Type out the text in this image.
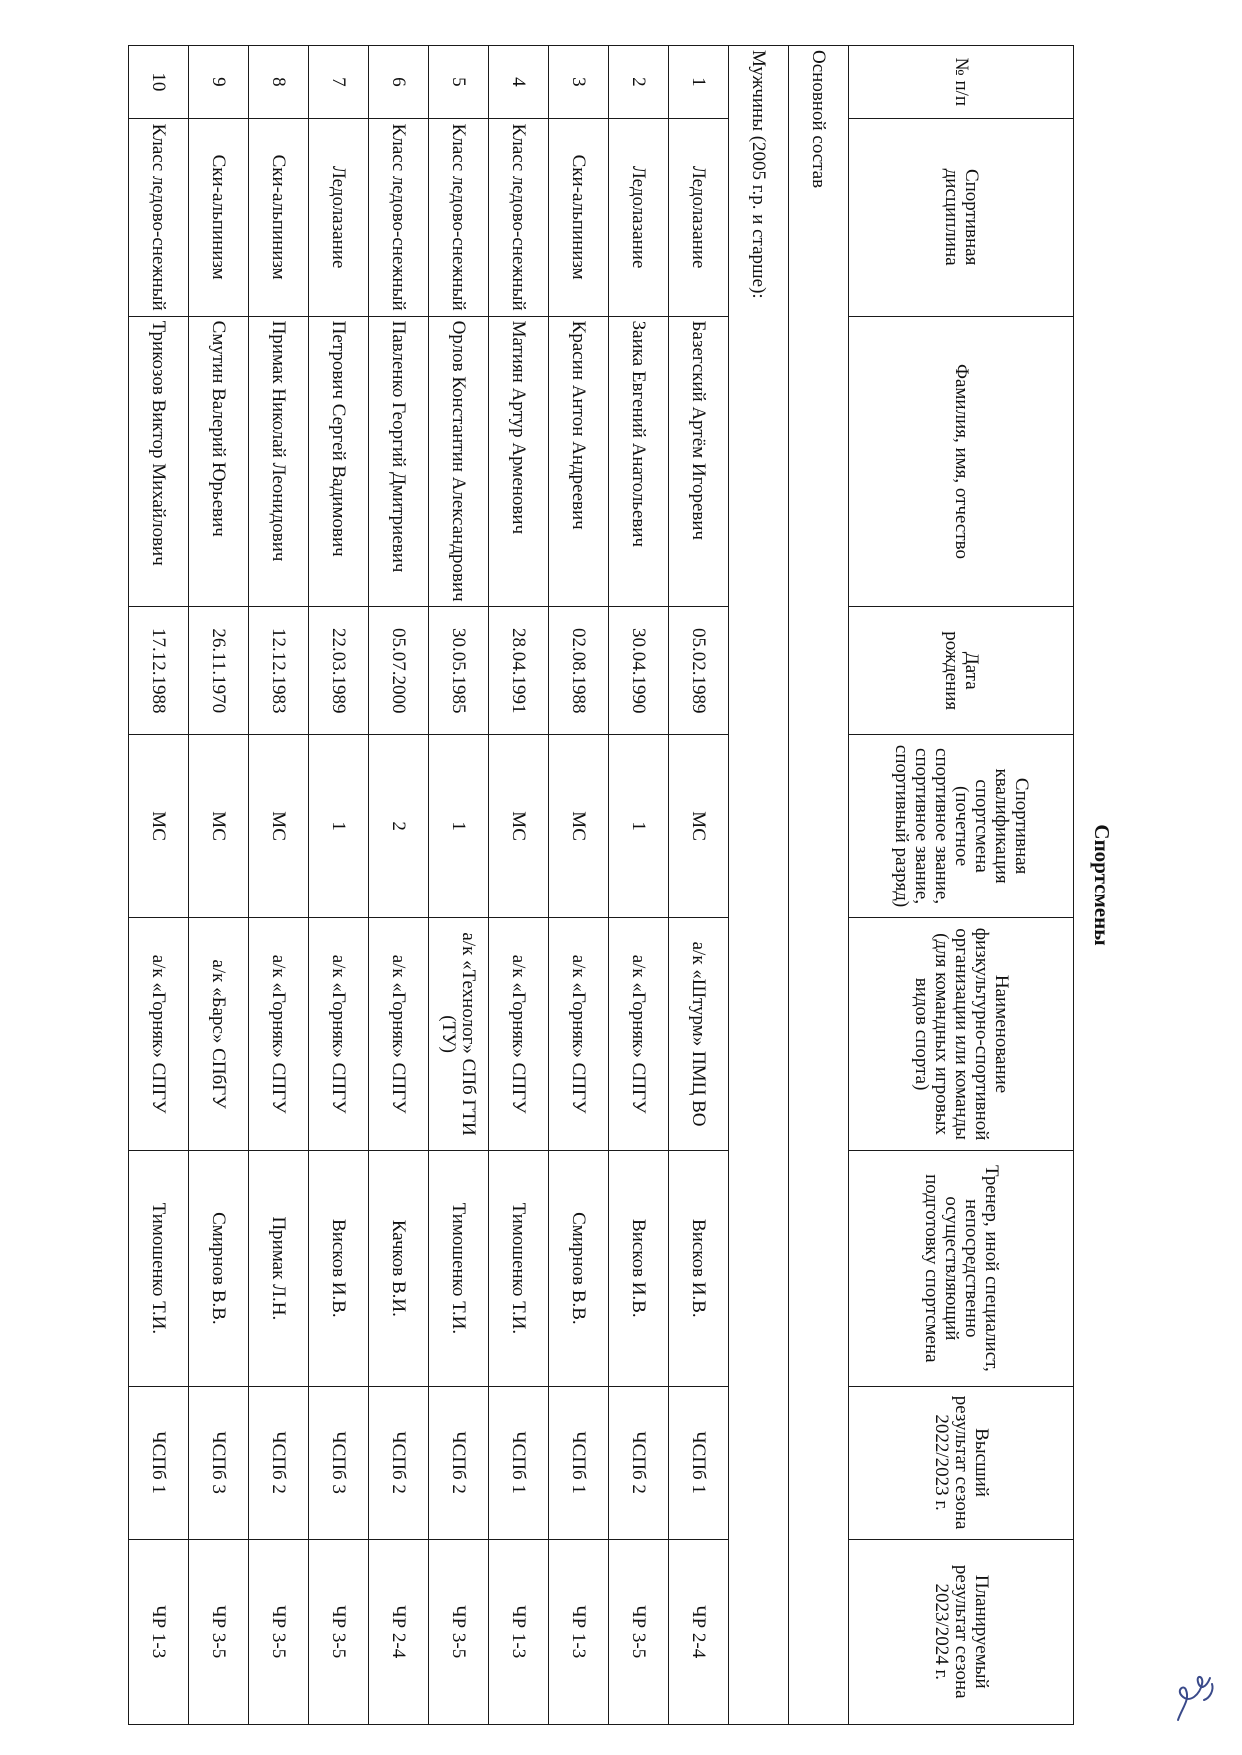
Спортсмены
№ п/п	Спортивная дисциплина	Фамилия, имя, отчество	Дата рождения	Спортивная квалификация спортсмена (почетное спортивное звание, спортивное звание, спортивный разряд)	Наименование физкультурно-спортивной организации или команды (для командных игровых видов спорта)	Тренер, иной специалист, непосредственно осуществляющий подготовку спортсмена	Высший результат сезона 2022/2023 г.	Планируемый результат сезона 2023/2024 г.
Основной состав								
Мужчины (2005 г.р. и старше):								
1	Ледолазание	Базегский Артём Игоревич	05.02.1989	МС	а/к «Штурм» ПМЦ ВО	Висков И.В.	ЧСПб 1	ЧР 2-4
2	Ледолазание	Заика Евгений Анатольевич	30.04.1990	1	а/к «Горняк» СПГУ	Висков И.В.	ЧСПб 2	ЧР 3-5
3	Ски-альпинизм	Красин Антон Андреевич	02.08.1988	МС	а/к «Горняк» СПГУ	Смирнов В.В.	ЧСПб 1	ЧР 1-3
4	Класс ледово-снежный	Матиян Артур Арменович	28.04.1991	МС	а/к «Горняк» СПГУ	Тимошенко Т.И.	ЧСПб 1	ЧР 1-3
5	Класс ледово-снежный	Орлов Константин Александрович	30.05.1985	1	а/к «Технолог» СПб ГТИ (ТУ)	Тимошенко Т.И.	ЧСПб 2	ЧР 3-5
6	Класс ледово-снежный	Павленко Георгий Дмитриевич	05.07.2000	2	а/к «Горняк» СПГУ	Качков В.И.	ЧСПб 2	ЧР 2-4
7	Ледолазание	Петрович Сергей Вадимович	22.03.1989	1	а/к «Горняк» СПГУ	Висков И.В.	ЧСПб 3	ЧР 3-5
8	Ски-альпинизм	Примак Николай Леонидович	12.12.1983	МС	а/к «Горняк» СПГУ	Примак Л.Н.	ЧСПб 2	ЧР 3-5
9	Ски-альпинизм	Смутин Валерий Юрьевич	26.11.1970	МС	а/к «Барс» СПбГУ	Смирнов В.В.	ЧСПб 3	ЧР 3-5
10	Класс ледово-снежный	Трикозов Виктор Михайлович	17.12.1988	МС	а/к «Горняк» СПГУ	Тимошенко Т.И.	ЧСПб 1	ЧР 1-3
